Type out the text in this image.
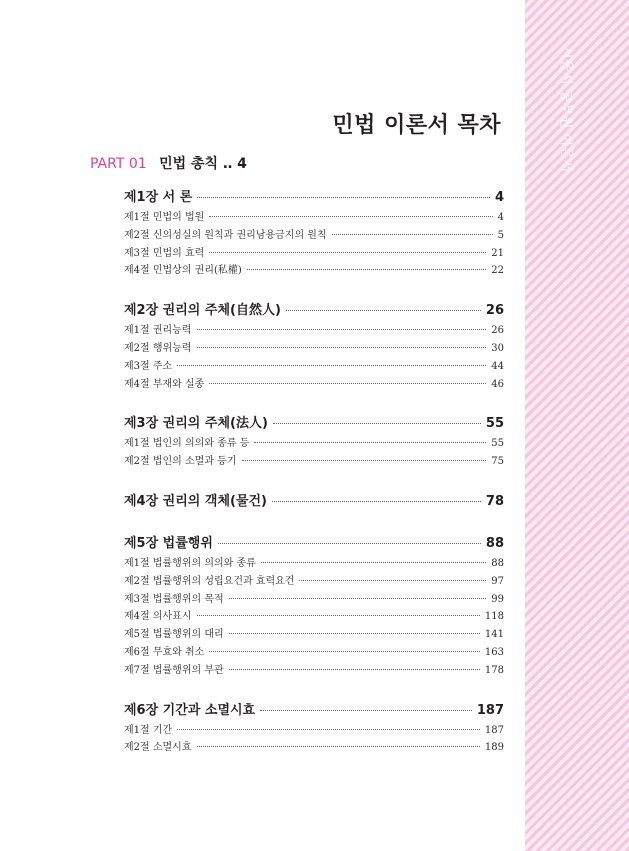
서울시 공무원 이론서
민법 이론서 목차
PART 01 민법 총칙 ‥ 4
제1장 서 론	4
제1절 민법의 법원	4
제2절 신의성실의 원칙과 권리남용금지의 원칙	5
제3절 민법의 효력	21
제4절 민법상의 권리(私權)	22
제2장 권리의 주체(自然人)	26
제1절 권리능력	26
제2절 행위능력	30
제3절 주소	44
제4절 부재와 실종	46
제3장 권리의 주체(法人)	55
제1절 법인의 의의와 종류 등	55
제2절 법인의 소멸과 등기	75
제4장 권리의 객체(물건)	78
제5장 법률행위	88
제1절 법률행위의 의의와 종류	88
제2절 법률행위의 성립요건과 효력요건	97
제3절 법률행위의 목적	99
제4절 의사표시	118
제5절 법률행위의 대리	141
제6절 무효와 취소	163
제7절 법률행위의 부관	178
제6장 기간과 소멸시효	187
제1절 기간	187
제2절 소멸시효	189
